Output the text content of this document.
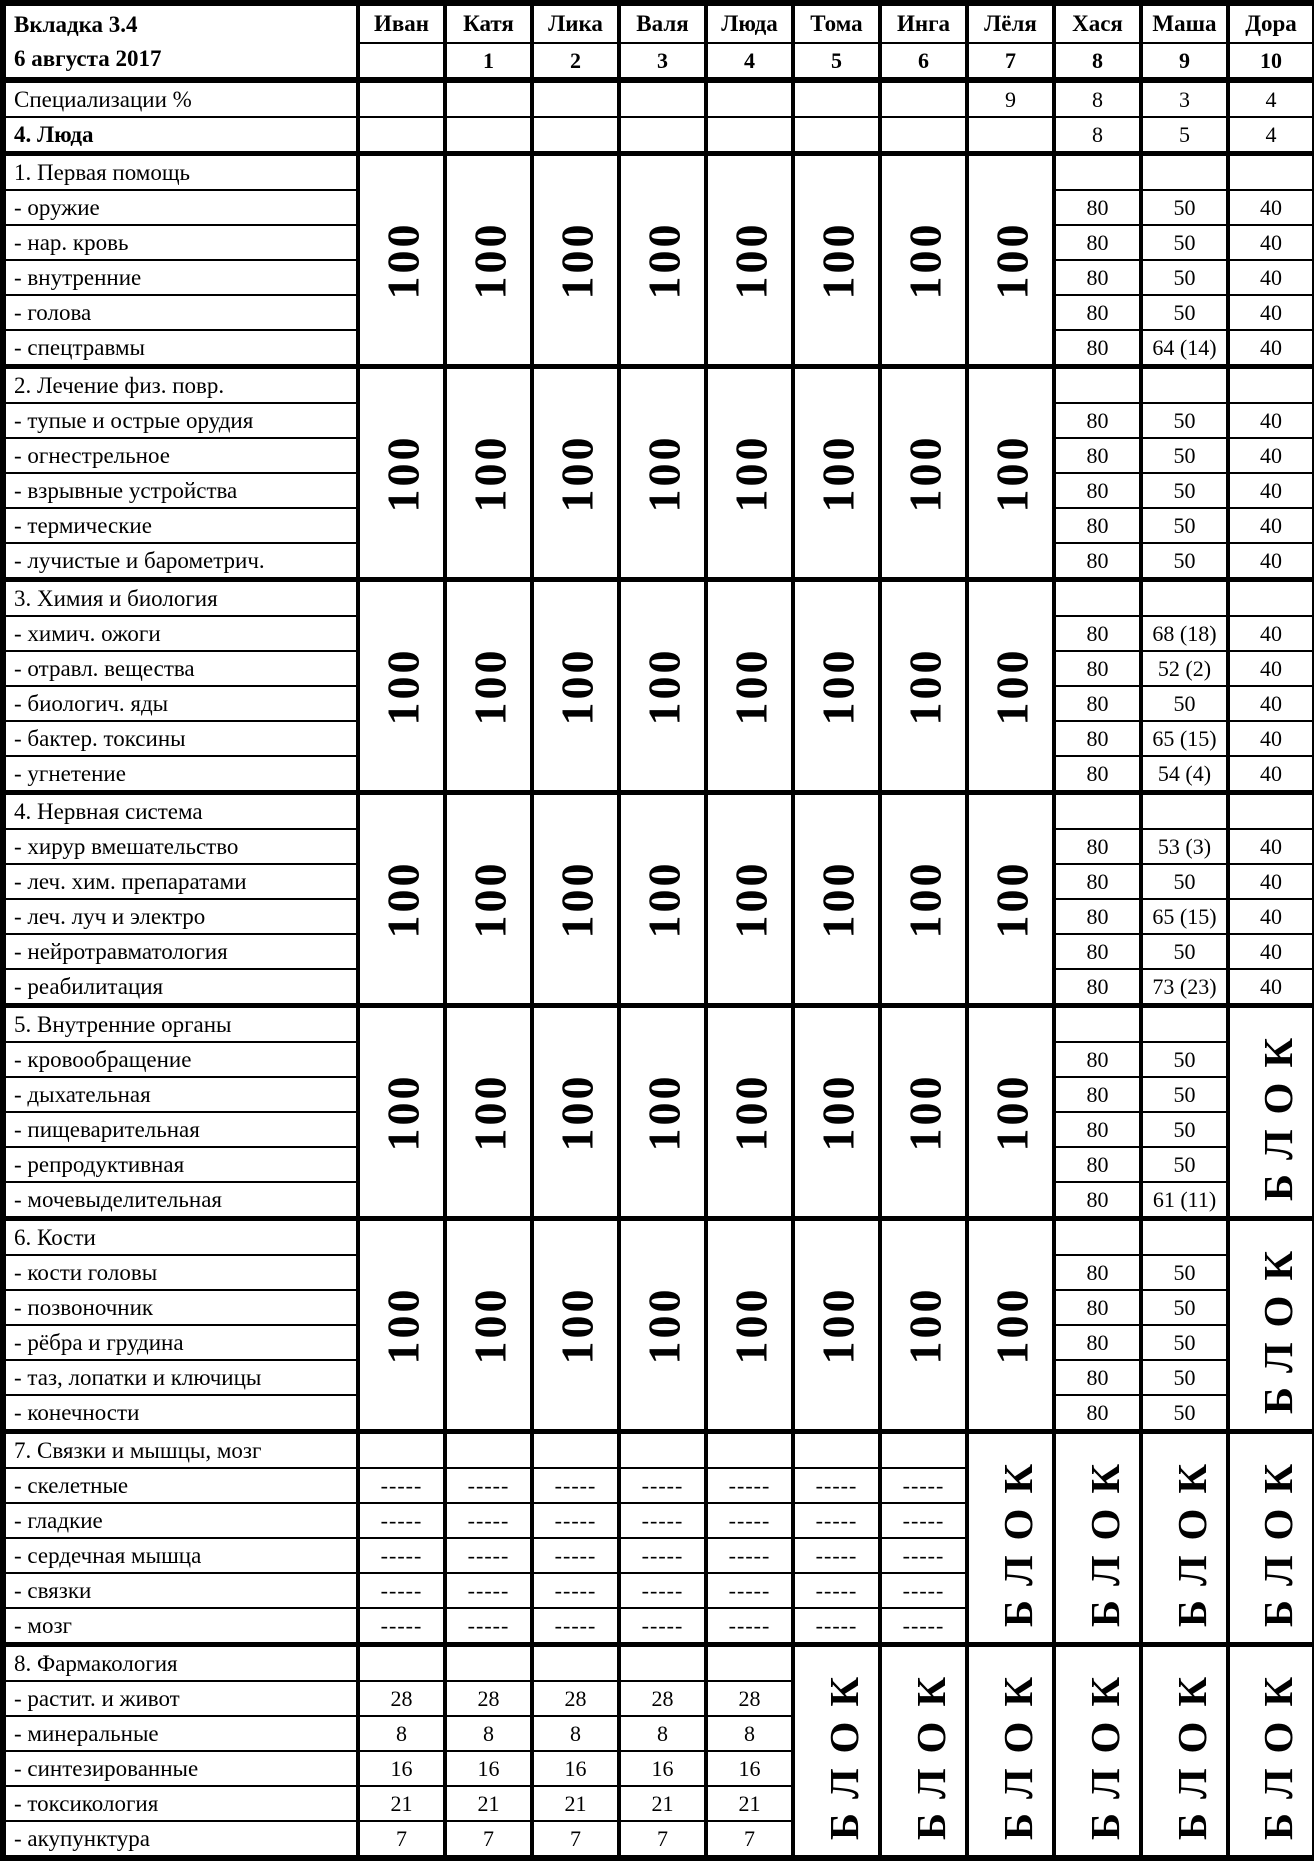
Вкладка 3.4
6 августа 2017	Иван	Катя	Лика	Валя	Люда	Тома	Инга	Лёля	Хася	Маша	Дора
		1	2	3	4	5	6	7	8	9	10
Специализации %								9	8	3	4
4. Люда									8	5	4
1. Первая помощь	100	100	100	100	100	100	100	100			

- оружие									80	50	40
- нар. кровь									80	50	40
- внутренние									80	50	40
- голова									80	50	40
- спецтравмы									80	64 (14)	40
2. Лечение физ. повр.	100	100	100	100	100	100	100	100			

- тупые и острые орудия									80	50	40
- огнестрельное									80	50	40
- взрывные устройства									80	50	40
- термические									80	50	40
- лучистые и барометрич.									80	50	40
3. Химия и биология	100	100	100	100	100	100	100	100			

- химич. ожоги									80	68 (18)	40
- отравл. вещества									80	52 (2)	40
- биологич. яды									80	50	40
- бактер. токсины									80	65 (15)	40
- угнетение									80	54 (4)	40
4. Нервная система	100	100	100	100	100	100	100	100			

- хирур вмешательство									80	53 (3)	40
- леч. хим. препаратами									80	50	40
- леч. луч и электро									80	65 (15)	40
- нейротравматология									80	50	40
- реабилитация									80	73 (23)	40
5. Внутренние органы	100	100	100	100	100	100	100	100			БЛОК

- кровообращение									80	50	
- дыхательная									80	50	
- пищеварительная									80	50	
- репродуктивная									80	50	
- мочевыделительная									80	61 (11)	
6. Кости	100	100	100	100	100	100	100	100			БЛОК

- кости головы									80	50	
- позвоночник									80	50	
- рёбра и грудина									80	50	
- таз, лопатки и ключицы									80	50	
- конечности									80	50	
7. Связки и мышцы, мозг								БЛОК	БЛОК	БЛОК	БЛОК

- скелетные	-----	-----	-----	-----	-----	-----	-----				
- гладкие	-----	-----	-----	-----	-----	-----	-----				
- сердечная мышца	-----	-----	-----	-----	-----	-----	-----				
- связки	-----	-----	-----	-----	-----	-----	-----				
- мозг	-----	-----	-----	-----	-----	-----	-----				
8. Фармакология						БЛОК	БЛОК	БЛОК	БЛОК	БЛОК	БЛОК

- растит. и живот	28	28	28	28	28						
- минеральные	8	8	8	8	8						
- синтезированные	16	16	16	16	16						
- токсикология	21	21	21	21	21						
- акупунктура	7	7	7	7	7						
